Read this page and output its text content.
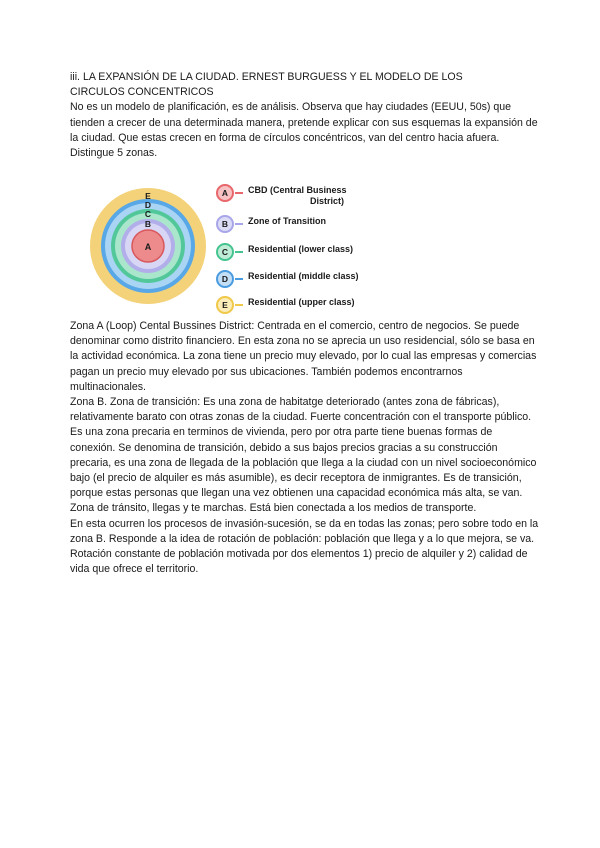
iii. LA EXPANSIÓN DE LA CIUDAD. ERNEST BURGUESS Y EL MODELO DE LOS
CIRCULOS CONCENTRICOS

No es un modelo de planificación, es de análisis. Observa que hay ciudades (EEUU, 50s) que tienden a crecer de una determinada manera, pretende explicar con sus esquemas la expansión de la ciudad. Que estas crecen en forma de círculos concéntricos, van del centro hacia afuera. Distingue 5 zonas.

E
D
C
B
A
A	CBD (Central Business
District)
B	Zone of Transition
C	Residential (lower class)
D	Residential (middle class)
E	Residential (upper class)

Zona A (Loop) Cental Bussines District: Centrada en el comercio, centro de negocios. Se puede denominar como distrito financiero. En esta zona no se aprecia un uso residencial, sólo se basa en la actividad económica. La zona tiene un precio muy elevado, por lo cual las empresas y comercias pagan un precio muy elevado por sus ubicaciones. También podemos encontrarnos multinacionales.

Zona B. Zona de transición: Es una zona de habitatge deteriorado (antes zona de fábricas), relativamente barato con otras zonas de la ciudad. Fuerte concentración con el transporte público. Es una zona precaria en terminos de vivienda, pero por otra parte tiene buenas formas de conexión. Se denomina de transición, debido a sus bajos precios gracias a su construcción precaria, es una zona de llegada de la población que llega a la ciudad con un nivel socioeconómico bajo (el precio de alquiler es más asumible), es decir receptora de inmigrantes. Es de transición, porque estas personas que llegan una vez obtienen una capacidad económica más alta, se van. Zona de tránsito, llegas y te marchas. Está bien conectada a los medios de transporte.

En esta ocurren los procesos de invasión-sucesión, se da en todas las zonas; pero sobre todo en la zona B. Responde a la idea de rotación de población: población que llega y a lo que mejora, se va.

Rotación constante de población motivada por dos elementos 1) precio de alquiler y 2) calidad de vida que ofrece el territorio.
